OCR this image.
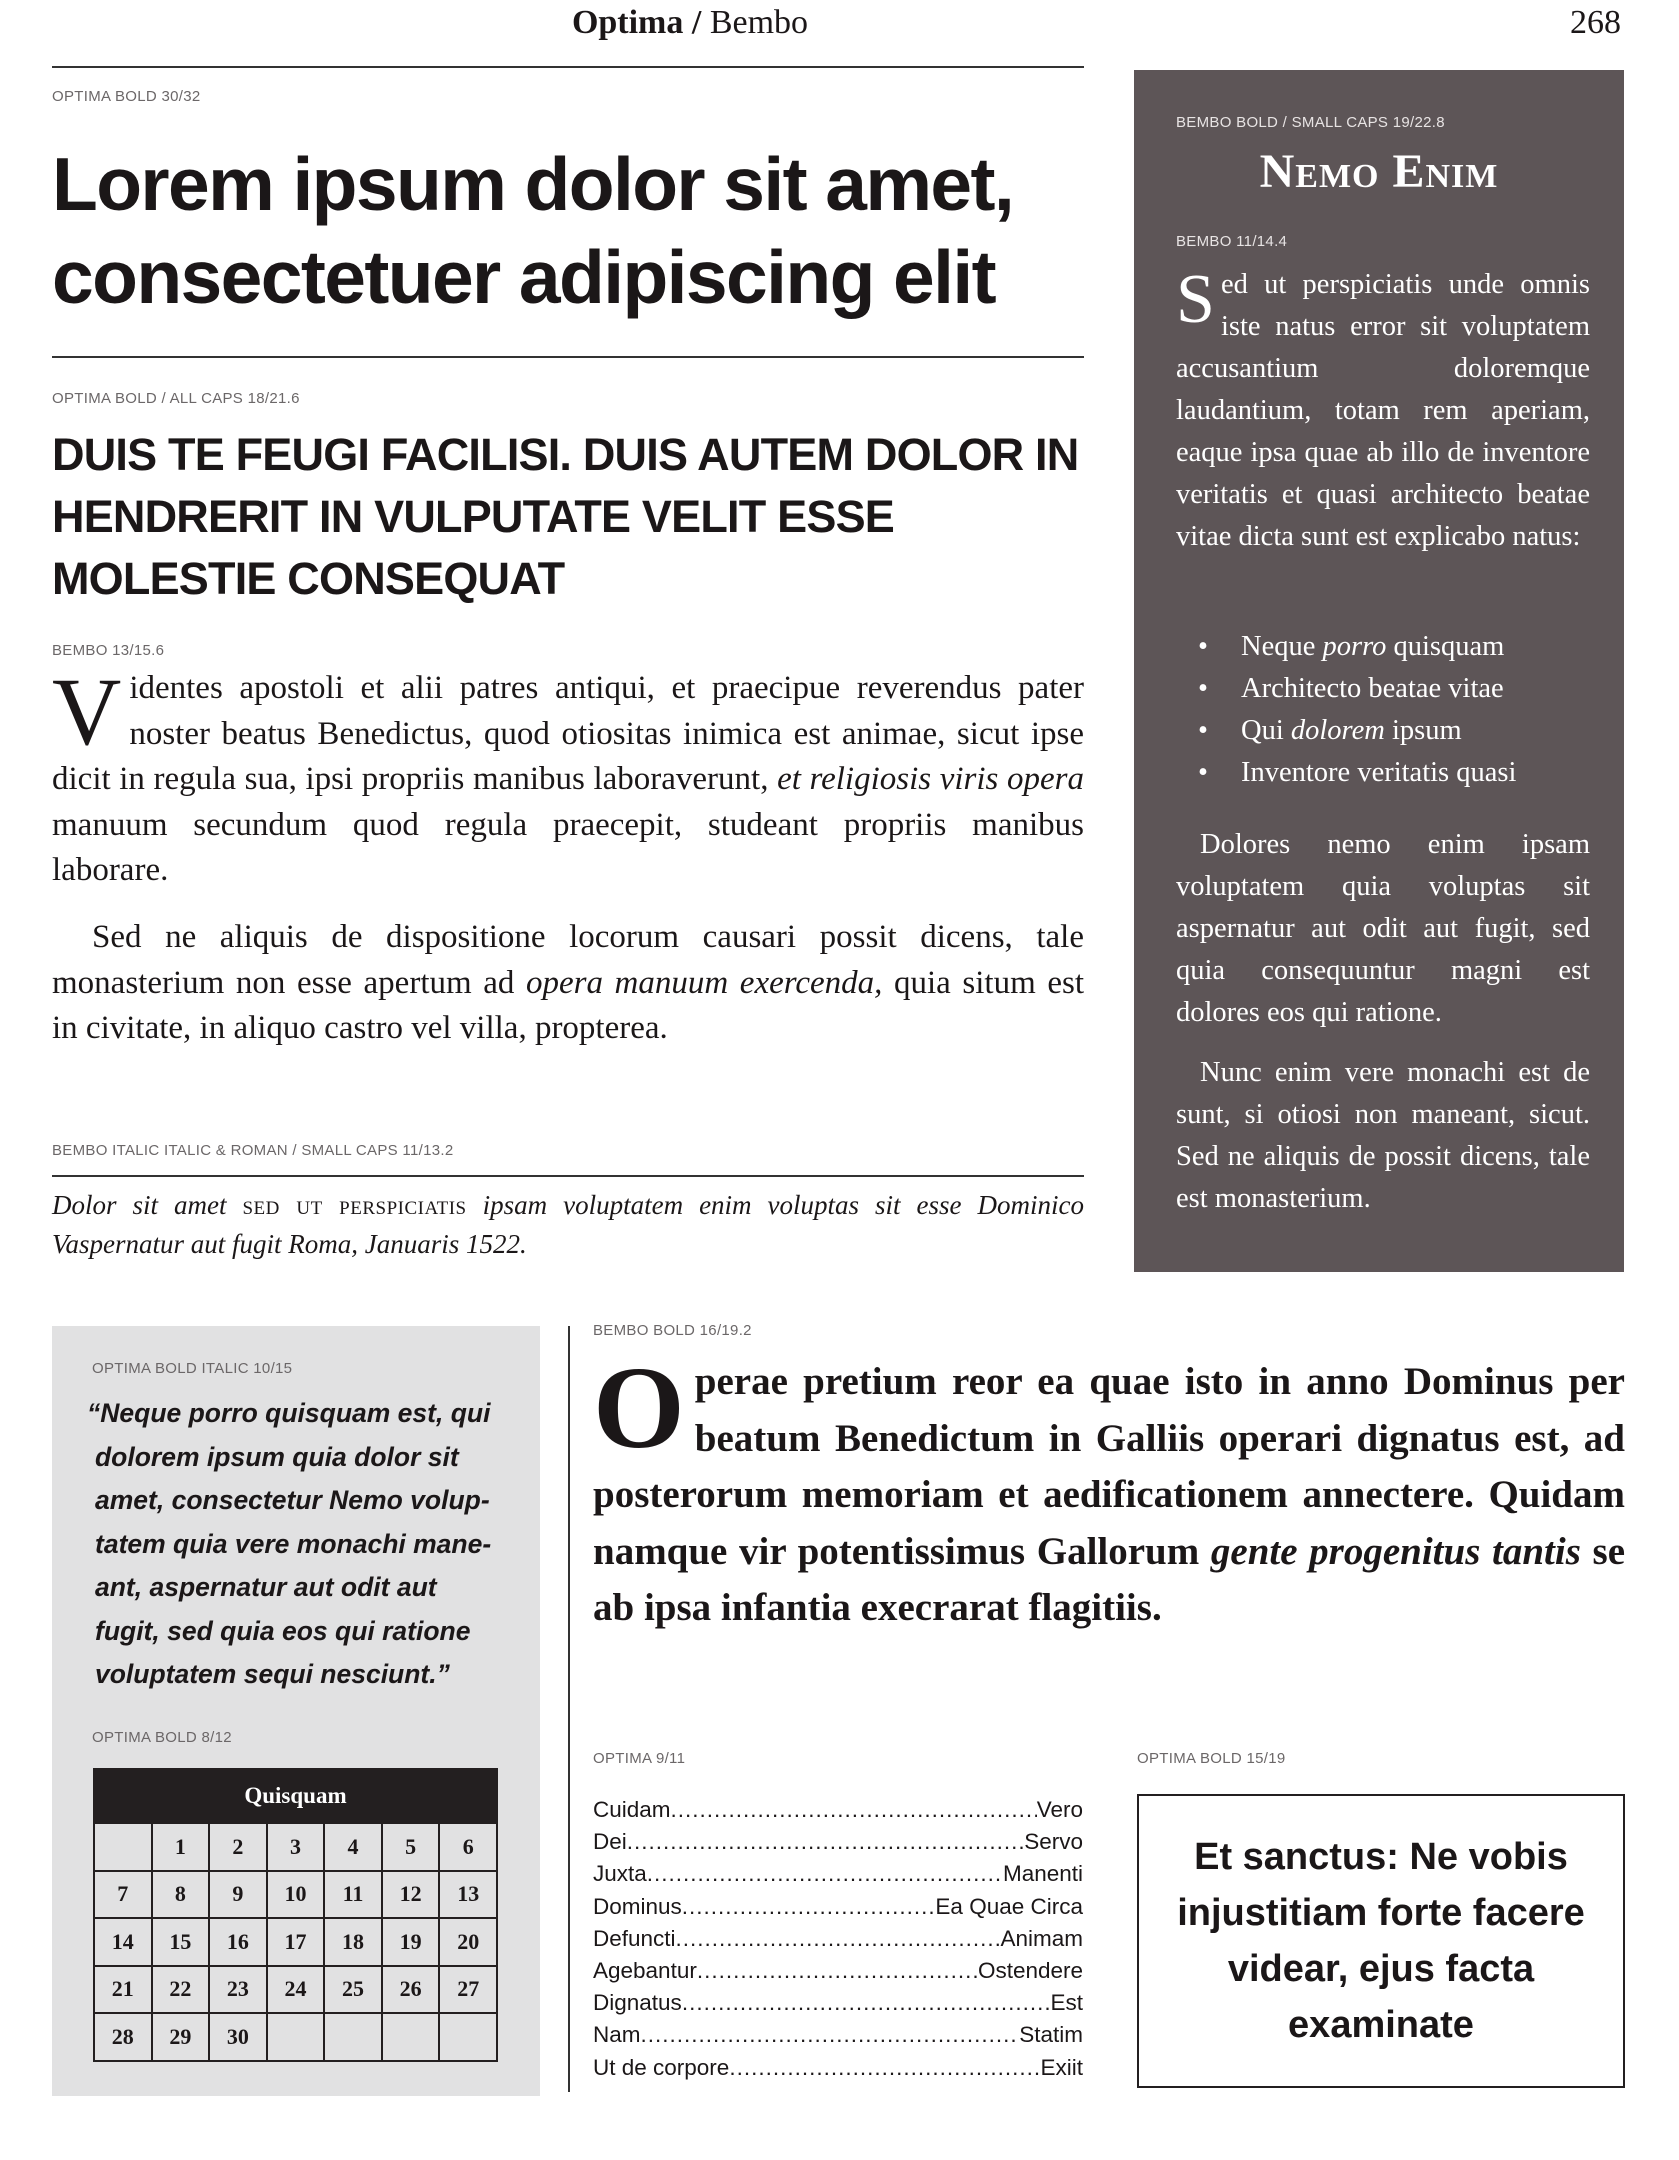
Optima / Bembo	268
OPTIMA BOLD 30/32
Lorem ipsum dolor sit amet, consectetuer adipiscing elit
OPTIMA BOLD / ALL CAPS 18/21.6
DUIS TE FEUGI FACILISI. DUIS AUTEM DOLOR IN HENDRERIT IN VULPUTATE VELIT ESSE MOLESTIE CONSEQUAT
BEMBO 13/15.6

Videntes apostoli et alii patres antiqui, et praecipue reverendus pater noster beatus Benedictus, quod otiositas inimica est animae, sicut ipse dicit in regula sua, ipsi propriis manibus laboraverunt, et religiosis viris opera manuum secundum quod regula praecepit, studeant propriis manibus laborare.

Sed ne aliquis de dispositione locorum causari possit dicens, tale monasterium non esse apertum ad opera manuum exercenda, quia situm est in civitate, in aliquo castro vel villa, propterea.

BEMBO ITALIC ITALIC & ROMAN / SMALL CAPS 11/13.2

Dolor sit amet sed ut perspiciatis ipsam voluptatem enim voluptas sit esse Dominico Vaspernatur aut fugit Roma, Januaris 1522.

BEMBO BOLD / SMALL CAPS 19/22.8
Nemo Enim
BEMBO 11/14.4

Sed ut perspiciatis unde omnis iste natus error sit voluptatem accusantium doloremque laudantium, totam rem aperiam, eaque ipsa quae ab illo de inventore veritatis et quasi architecto beatae vitae dicta sunt est explicabo natus:

• Neque porro quisquam
• Architecto beatae vitae
• Qui dolorem ipsum
• Inventore veritatis quasi

Dolores nemo enim ipsam voluptatem quia voluptas sit aspernatur aut odit aut fugit, sed quia consequuntur magni est dolores eos qui ratione.

Nunc enim vere monachi est de sunt, si otiosi non maneant, sicut. Sed ne aliquis de possit dicens, tale est monasterium.

OPTIMA BOLD ITALIC 10/15

“Neque porro quisquam est, qui
dolorem ipsum quia dolor sit
amet, consectetur Nemo volup-
tatem quia vere monachi mane-
ant, aspernatur aut odit aut
fugit, sed quia eos qui ratione
voluptatem sequi nesciunt.”

OPTIMA BOLD 8/12
Quisquam						
	1	2	3	4	5	6
7	8	9	10	11	12	13
14	15	16	17	18	19	20
21	22	23	24	25	26	27
28	29	30				
BEMBO BOLD 16/19.2

Operae pretium reor ea quae isto in anno Dominus per beatum Benedictum in Galliis operari dignatus est, ad posterorum memoriam et aedificationem annectere. Quidam namque vir potentissimus Gallorum gente progenitus tantis se ab ipsa infantia execrarat flagitiis.

OPTIMA 9/11
Cuidam .....	Vero
Dei .....	Servo
Juxta .....	Manenti
Dominus .....	Ea Quae Circa
Defuncti .....	Animam
Agebantur .....	Ostendere
Dignatus .....	Est
Nam .....	Statim
Ut de corpore .....	Exiit
OPTIMA BOLD 15/19
Et sanctus: Ne vobis injustitiam forte facere videar, ejus facta examinate
